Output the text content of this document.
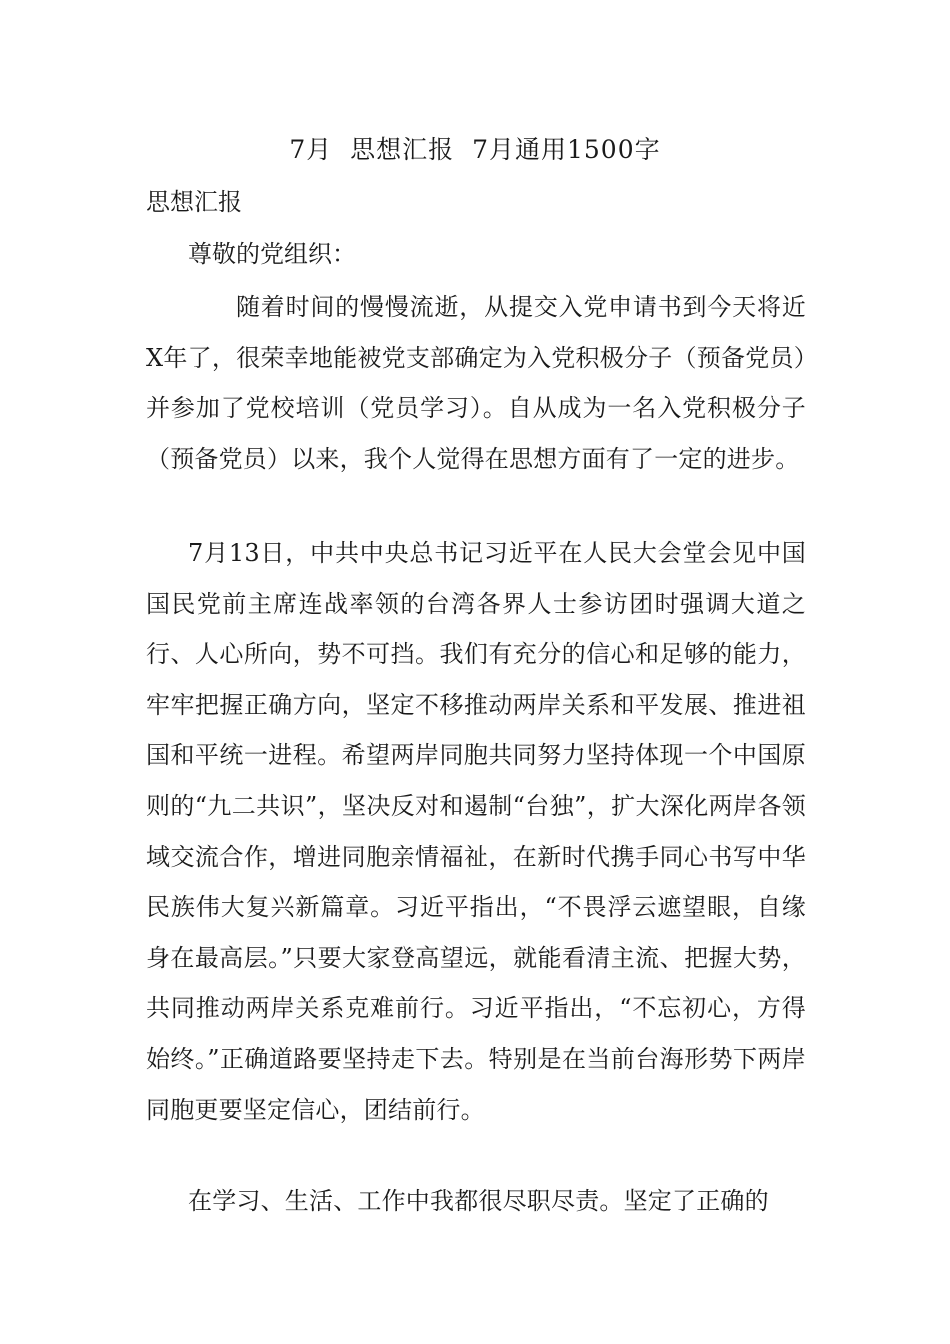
7月  思想汇报  7月通用1500字
思想汇报
尊敬的党组织：
随着时间的慢慢流逝，从提交入党申请书到今天将近X年了，很荣幸地能被党支部确定为入党积极分子（预备党员）并参加了党校培训（党员学习）。自从成为一名入党积极分子（预备党员）以来，我个人觉得在思想方面有了一定的进步。
7月13日，中共中央总书记习近平在人民大会堂会见中国国民党前主席连战率领的台湾各界人士参访团时强调大道之行、人心所向，势不可挡。我们有充分的信心和足够的能力，牢牢把握正确方向，坚定不移推动两岸关系和平发展、推进祖国和平统一进程。希望两岸同胞共同努力坚持体现一个中国原则的“九二共识”，坚决反对和遏制“台独”，扩大深化两岸各领域交流合作，增进同胞亲情福祉，在新时代携手同心书写中华民族伟大复兴新篇章。习近平指出，“不畏浮云遮望眼，自缘身在最高层。”只要大家登高望远，就能看清主流、把握大势，共同推动两岸关系克难前行。习近平指出，“不忘初心，方得始终。”正确道路要坚持走下去。特别是在当前台海形势下两岸同胞更要坚定信心，团结前行。
在学习、生活、工作中我都很尽职尽责。坚定了正确的
